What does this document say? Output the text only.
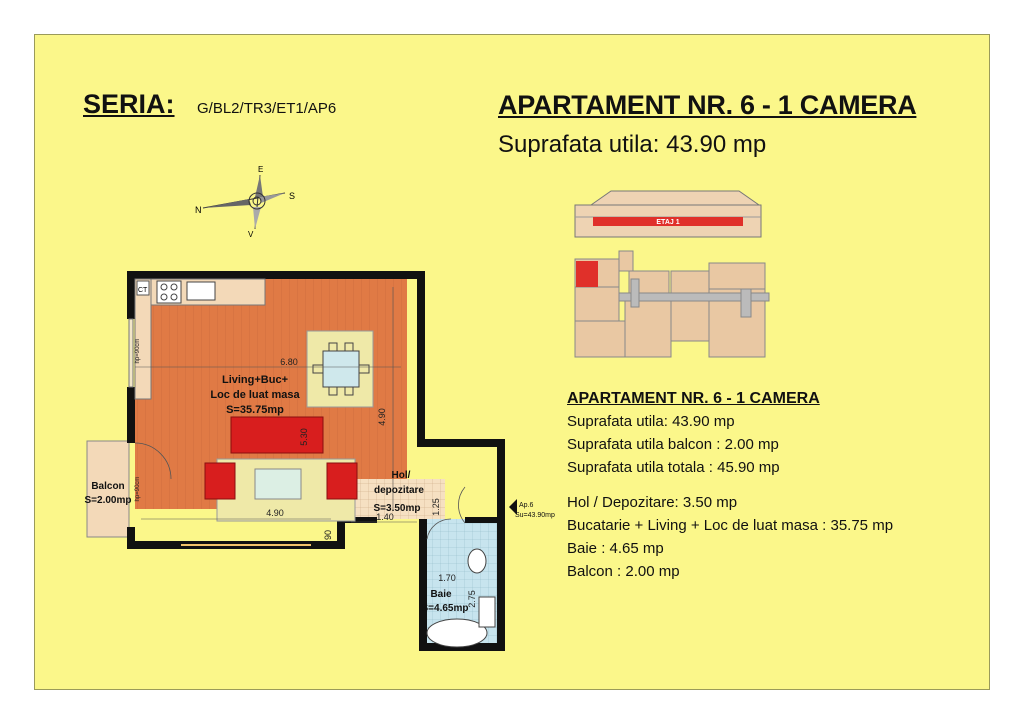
SERIA: G/BL2/TR3/ET1/AP6	APARTAMENT NR. 6 - 1 CAMERA
Suprafata utila: 43.90 mp
N
S
E
V
ETAJ 1
CT
Living+Buc+
Loc de luat masa
S=35.75mp
Balcon
S=2.00mp
Hol/
depozitare
S=3.50mp
Baie
S=4.65mp
Ap.6
Su=43.90mp
6.80
4.90
4.90
5.30
1.40
1.25
1.70
2.75
90
hp=90cm
hp=90cm
APARTAMENT NR. 6 - 1 CAMERA
Suprafata utila: 43.90 mp
Suprafata utila balcon : 2.00 mp
Suprafata utila totala : 45.90 mp
Hol / Depozitare: 3.50 mp
Bucatarie + Living + Loc de luat masa : 35.75 mp
Baie : 4.65 mp
Balcon : 2.00 mp
